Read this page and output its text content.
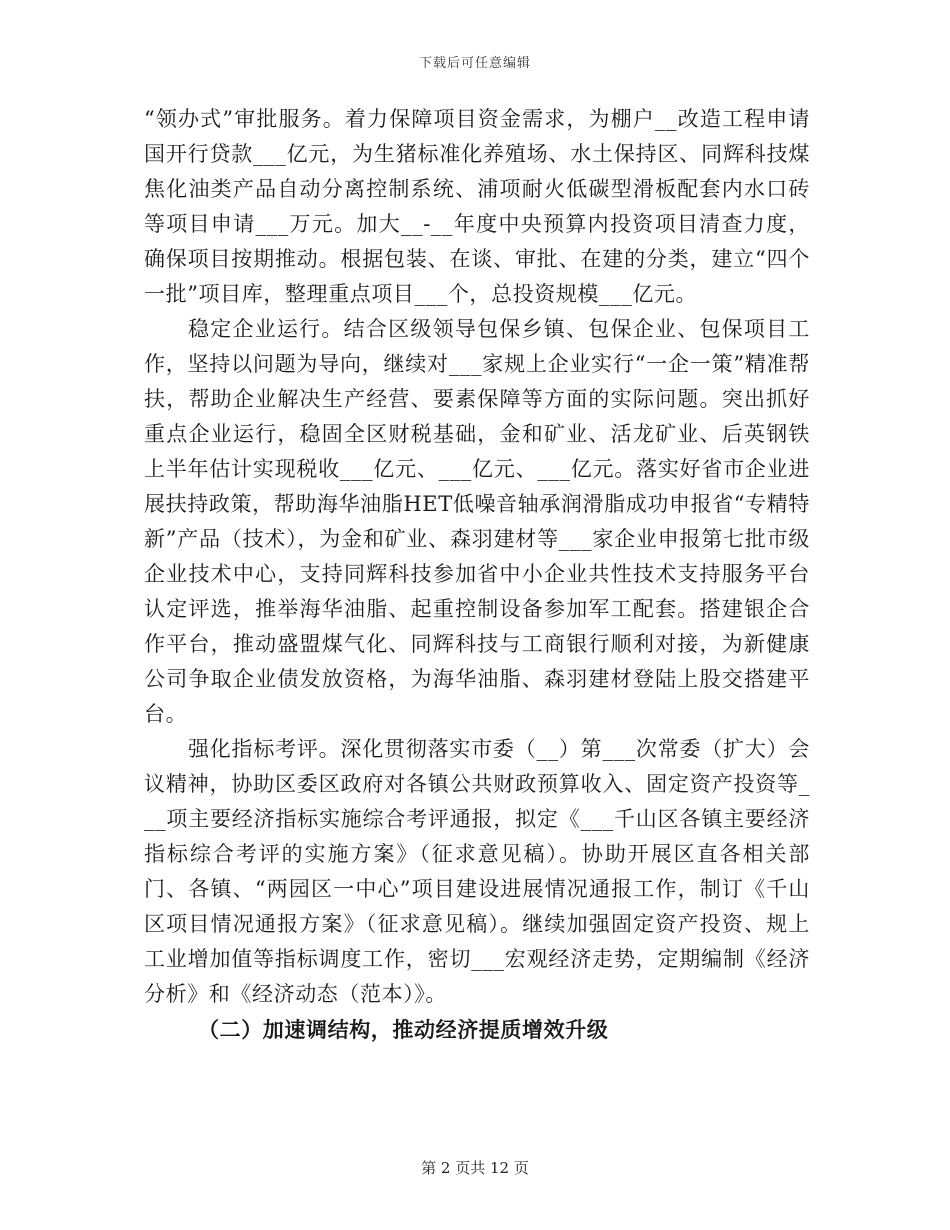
下载后可任意编辑

“领办式”审批服务。着力保障项目资金需求，为棚户__改造工程申请国开行贷款___亿元，为生猪标准化养殖场、水土保持区、同辉科技煤焦化油类产品自动分离控制系统、浦项耐火低碳型滑板配套内水口砖等项目申请___万元。加大__-__年度中央预算内投资项目清查力度，确保项目按期推动。根据包装、在谈、审批、在建的分类，建立“四个一批”项目库，整理重点项目___个，总投资规模___亿元。

稳定企业运行。结合区级领导包保乡镇、包保企业、包保项目工作，坚持以问题为导向，继续对___家规上企业实行“一企一策”精准帮扶，帮助企业解决生产经营、要素保障等方面的实际问题。突出抓好重点企业运行，稳固全区财税基础，金和矿业、活龙矿业、后英钢铁上半年估计实现税收___亿元、___亿元、___亿元。落实好省市企业进展扶持政策，帮助海华油脂HET低噪音轴承润滑脂成功申报省“专精特新”产品（技术），为金和矿业、森羽建材等___家企业申报第七批市级企业技术中心，支持同辉科技参加省中小企业共性技术支持服务平台认定评选，推举海华油脂、起重控制设备参加军工配套。搭建银企合作平台，推动盛盟煤气化、同辉科技与工商银行顺利对接，为新健康公司争取企业债发放资格，为海华油脂、森羽建材登陆上股交搭建平台。

强化指标考评。深化贯彻落实市委（__）第___次常委（扩大）会议精神，协助区委区政府对各镇公共财政预算收入、固定资产投资等___项主要经济指标实施综合考评通报，拟定《___千山区各镇主要经济指标综合考评的实施方案》（征求意见稿）。协助开展区直各相关部门、各镇、“两园区一中心”项目建设进展情况通报工作，制订《千山区项目情况通报方案》（征求意见稿）。继续加强固定资产投资、规上工业增加值等指标调度工作，密切___宏观经济走势，定期编制《经济分析》和《经济动态（范本）》。

（二）加速调结构，推动经济提质增效升级

第 2 页共 12 页
